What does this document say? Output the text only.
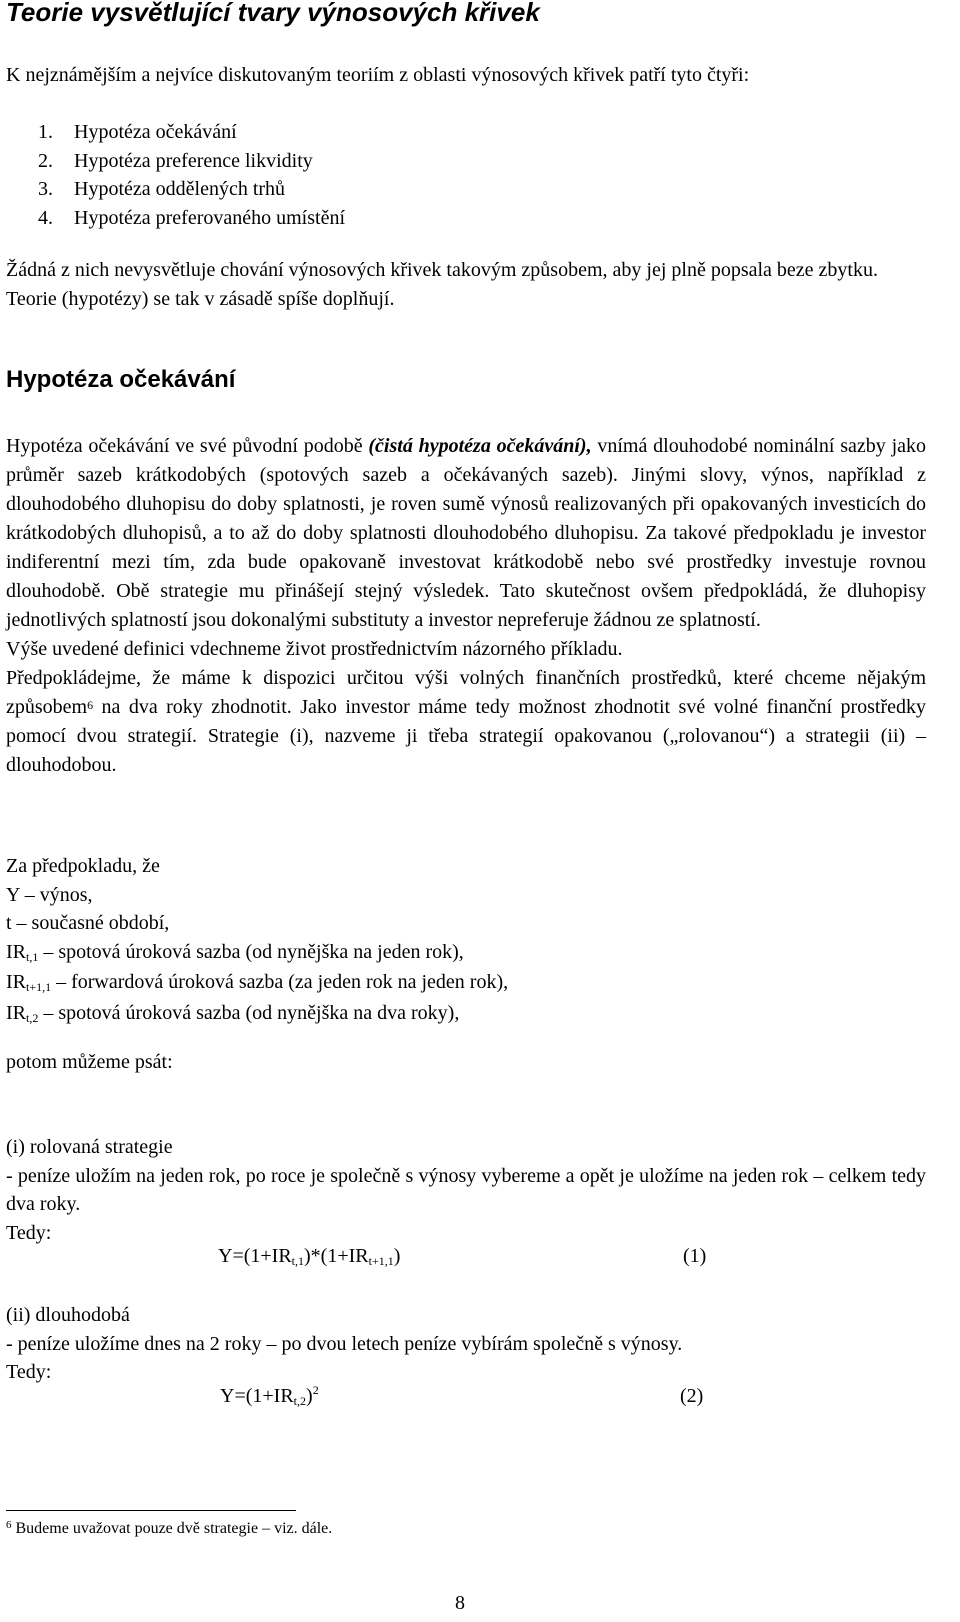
Teorie vysvětlující tvary výnosových křivek
K nejznámějším a nejvíce diskutovaným teoriím z oblasti výnosových křivek patří tyto čtyři:
1. Hypotéza očekávání
2. Hypotéza preference likvidity
3. Hypotéza oddělených trhů
4. Hypotéza preferovaného umístění
Žádná z nich nevysvětluje chování výnosových křivek takovým způsobem, aby jej plně popsala beze zbytku. Teorie (hypotézy) se tak v zásadě spíše doplňují.
Hypotéza očekávání

Hypotéza očekávání ve své původní podobě (čistá hypotéza očekávání), vnímá dlouhodobé nominální sazby jako průměr sazeb krátkodobých (spotových sazeb a očekávaných sazeb). Jinými slovy, výnos, například z dlouhodobého dluhopisu do doby splatnosti, je roven sumě výnosů realizovaných při opakovaných investicích do krátkodobých dluhopisů, a to až do doby splatnosti dlouhodobého dluhopisu. Za takové předpokladu je investor indiferentní mezi tím, zda bude opakovaně investovat krátkodobě nebo své prostředky investuje rovnou dlouhodobě. Obě strategie mu přinášejí stejný výsledek. Tato skutečnost ovšem předpokládá, že dluhopisy jednotlivých splatností jsou dokonalými substituty a investor nepreferuje žádnou ze splatností.

Výše uvedené definici vdechneme život prostřednictvím názorného příkladu.

Předpokládejme, že máme k dispozici určitou výši volných finančních prostředků, které chceme nějakým způsobem$^6$ na dva roky zhodnotit. Jako investor máme tedy možnost zhodnotit své volné finanční prostředky pomocí dvou strategií. Strategie (i), nazveme ji třeba strategií opakovanou („rolovanou“) a strategii (ii) – dlouhodobou.

Za předpokladu, že
Y – výnos,
t – současné období,
$IR_{t,1}$ – spotová úroková sazba (od nynějška na jeden rok),
$IR_{t+1,1}$ – forwardová úroková sazba (za jeden rok na jeden rok),
$IR_{t,2}$ – spotová úroková sazba (od nynějška na dva roky),
potom můžeme psát:

(i) rolovaná strategie

- peníze uložím na jeden rok, po roce je společně s výnosy vybereme a opět je uložíme na jeden rok – celkem tedy dva roky.

Tedy:

$Y=(1+IR_{t,1})*(1+IR_{t+1,1})$	(1)

(ii) dlouhodobá

- peníze uložíme dnes na 2 roky – po dvou letech peníze vybírám společně s výnosy.

Tedy:

$Y=(1+IR_{t,2})^2$	(2)
$^6$ Budeme uvažovat pouze dvě strategie – viz. dále.
8
